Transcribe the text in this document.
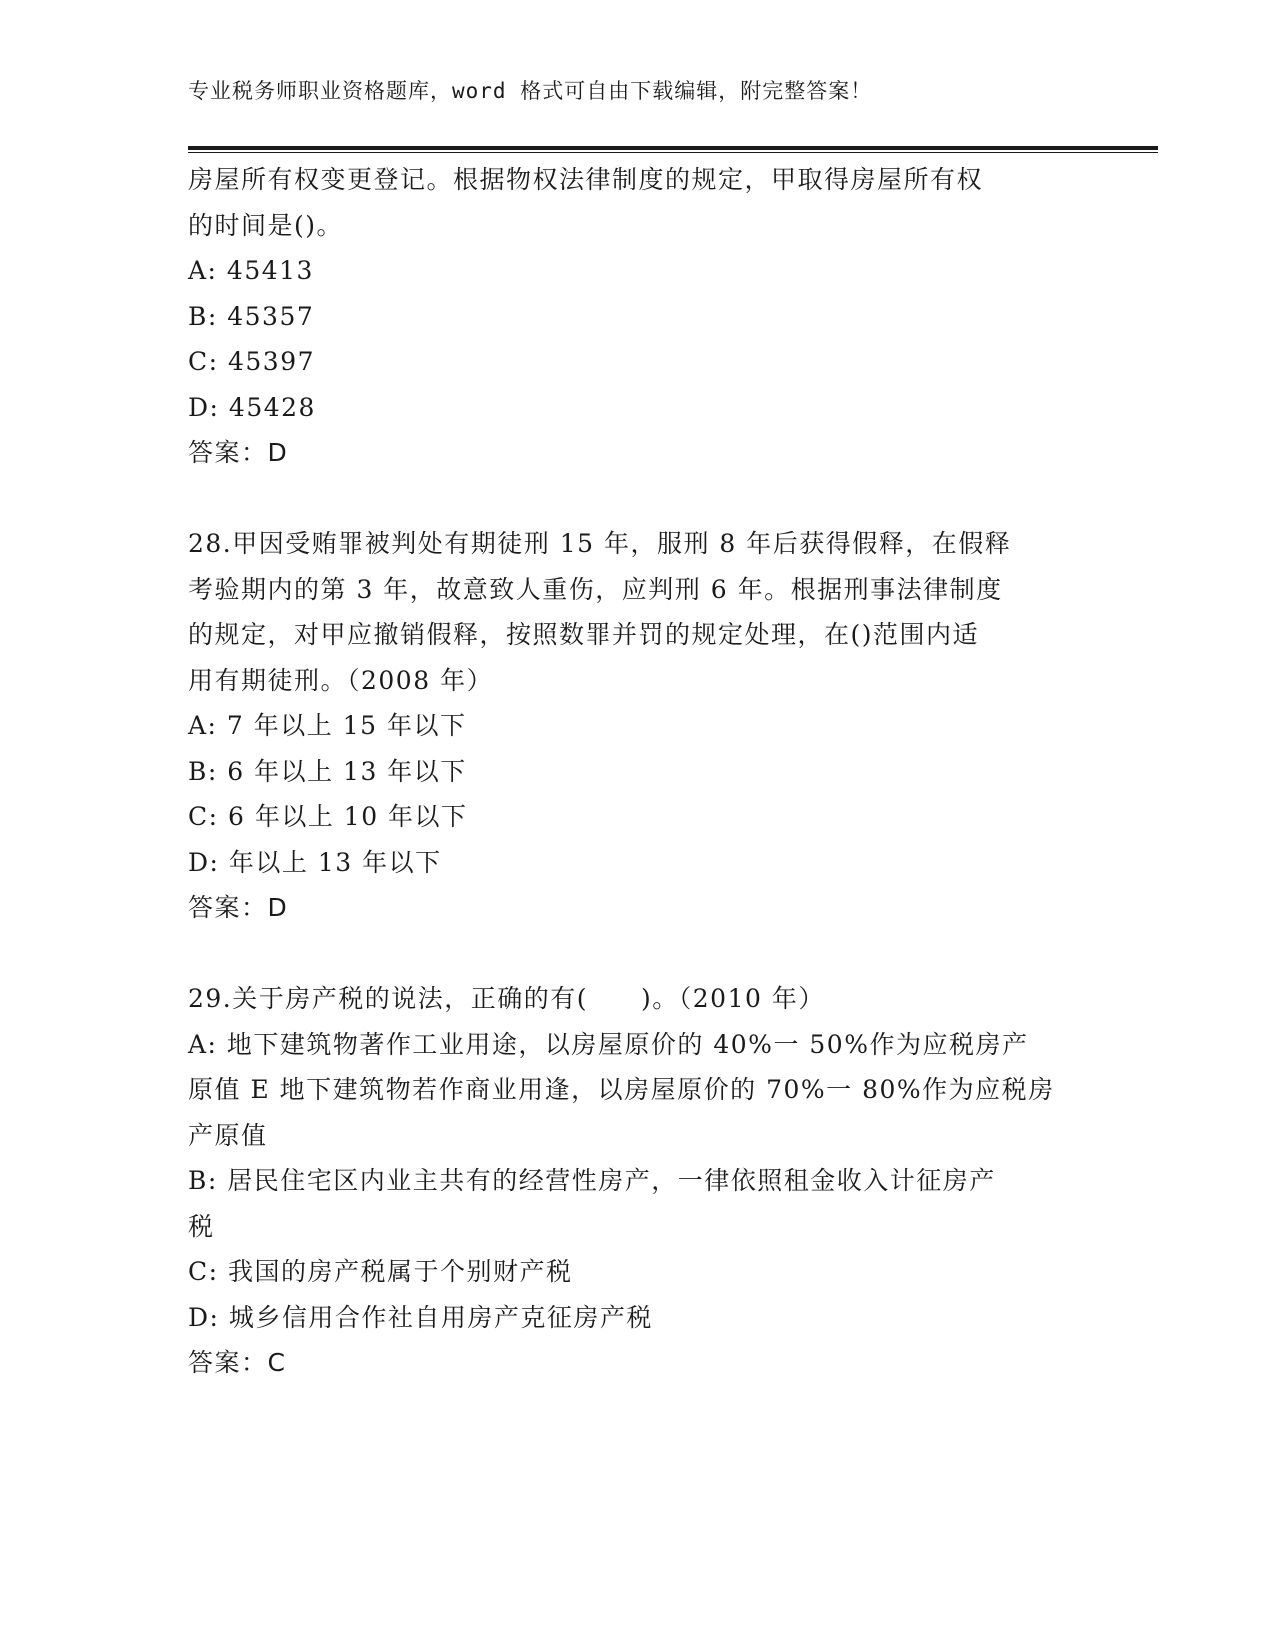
专业税务师职业资格题库，word 格式可自由下载编辑，附完整答案！
房屋所有权变更登记。根据物权法律制度的规定，甲取得房屋所有权
的时间是()。
A: 45413
B: 45357
C: 45397
D: 45428
答案：D
28.甲因受贿罪被判处有期徒刑 15 年，服刑 8 年后获得假释，在假释
考验期内的第 3 年，故意致人重伤，应判刑 6 年。根据刑事法律制度
的规定，对甲应撤销假释，按照数罪并罚的规定处理，在()范围内适
用有期徒刑。（2008 年）
A: 7 年以上 15 年以下
B: 6 年以上 13 年以下
C: 6 年以上 10 年以下
D: 年以上 13 年以下
答案：D
29.关于房产税的说法，正确的有(　　)。（2010 年）
A: 地下建筑物著作工业用途，以房屋原价的 40%一 50%作为应税房产
原值 E 地下建筑物若作商业用逢，以房屋原价的 70%一 80%作为应税房
产原值
B: 居民住宅区内业主共有的经营性房产，一律依照租金收入计征房产
税
C: 我国的房产税属于个别财产税
D: 城乡信用合作社自用房产克征房产税
答案：C
